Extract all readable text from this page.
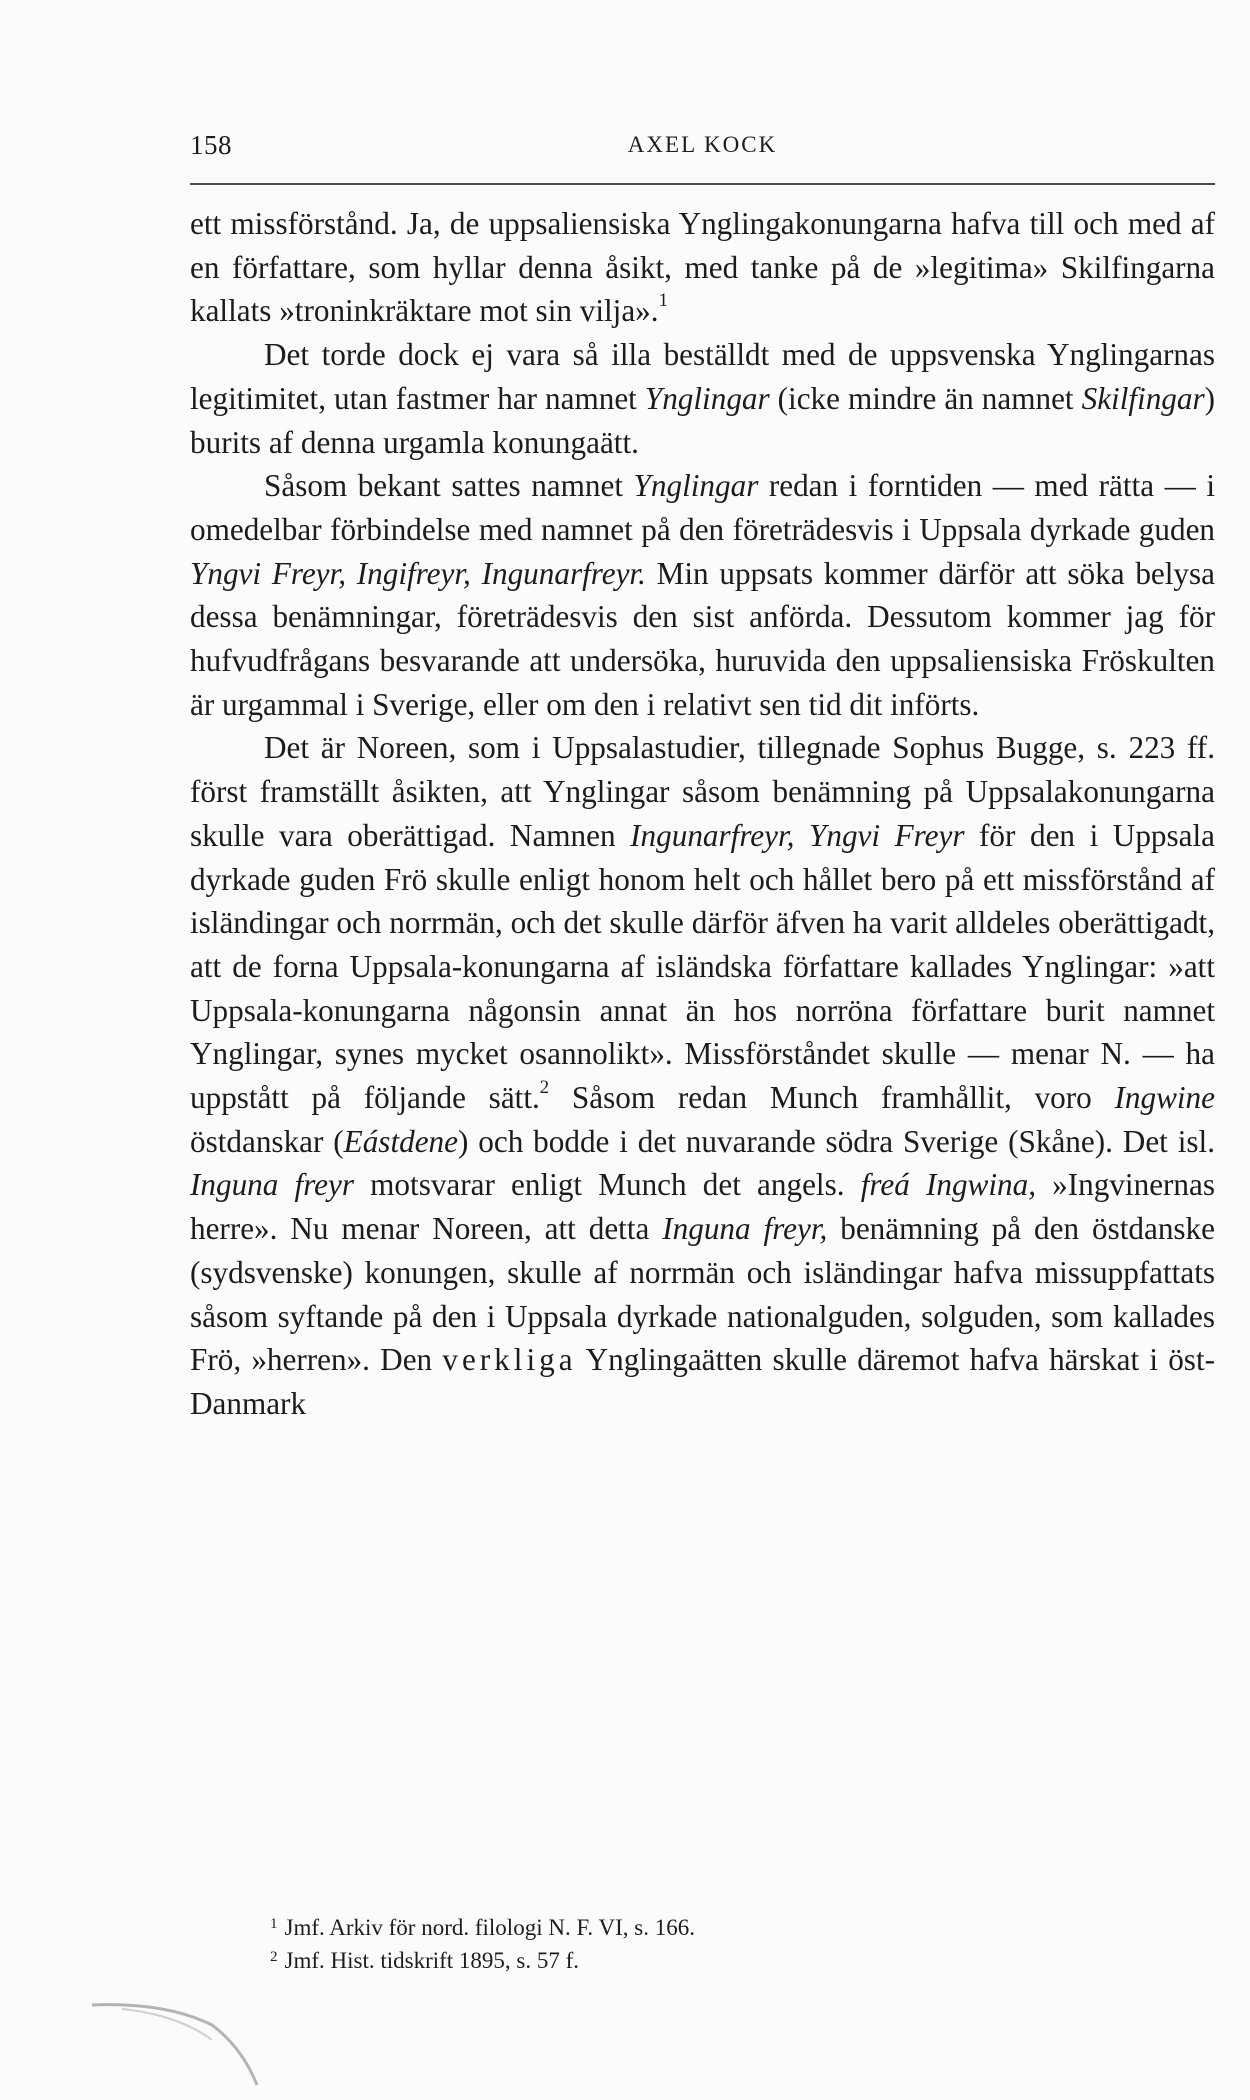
158	AXEL KOCK

ett missförstånd. Ja, de uppsaliensiska Ynglingakonungarna hafva till och med af en författare, som hyllar denna åsikt, med tanke på de »legitima» Skilfingarna kallats »troninkräktare mot sin vilja».$^1$

Det torde dock ej vara så illa beställdt med de uppsvenska Ynglingarnas legitimitet, utan fastmer har namnet Ynglingar (icke mindre än namnet Skilfingar) burits af denna urgamla konungaätt.

Såsom bekant sattes namnet Ynglingar redan i forntiden — med rätta — i omedelbar förbindelse med namnet på den företrädesvis i Uppsala dyrkade guden Yngvi Freyr, Ingifreyr, Ingunarfreyr. Min uppsats kommer därför att söka belysa dessa benämningar, företrädesvis den sist anförda. Dessutom kommer jag för hufvudfrågans besvarande att undersöka, huruvida den uppsaliensiska Fröskulten är urgammal i Sverige, eller om den i relativt sen tid dit införts.

Det är Noreen, som i Uppsalastudier, tillegnade Sophus Bugge, s. 223 ff. först framställt åsikten, att Ynglingar såsom benämning på Uppsalakonungarna skulle vara oberättigad. Namnen Ingunarfreyr, Yngvi Freyr för den i Uppsala dyrkade guden Frö skulle enligt honom helt och hållet bero på ett missförstånd af isländingar och norrmän, och det skulle därför äfven ha varit alldeles oberättigadt, att de forna Uppsala-konungarna af isländska författare kallades Ynglingar: »att Uppsala-konungarna någonsin annat än hos norröna författare burit namnet Ynglingar, synes mycket osannolikt». Missförståndet skulle — menar N. — ha uppstått på följande sätt.$^2$ Såsom redan Munch framhållit, voro Ingwine östdanskar (Eástdene) och bodde i det nuvarande södra Sverige (Skåne). Det isl. Inguna freyr motsvarar enligt Munch det angels. freá Ingwina, »Ingvinernas herre». Nu menar Noreen, att detta Inguna freyr, benämning på den östdanske (sydsvenske) konungen, skulle af norrmän och isländingar hafva missuppfattats såsom syftande på den i Uppsala dyrkade nationalguden, solguden, som kallades Frö, »herren». Den verkliga Ynglingaätten skulle däremot hafva härskat i öst-Danmark

$^1$ Jmf. Arkiv för nord. filologi N. F. VI, s. 166.
$^2$ Jmf. Hist. tidskrift 1895, s. 57 f.
